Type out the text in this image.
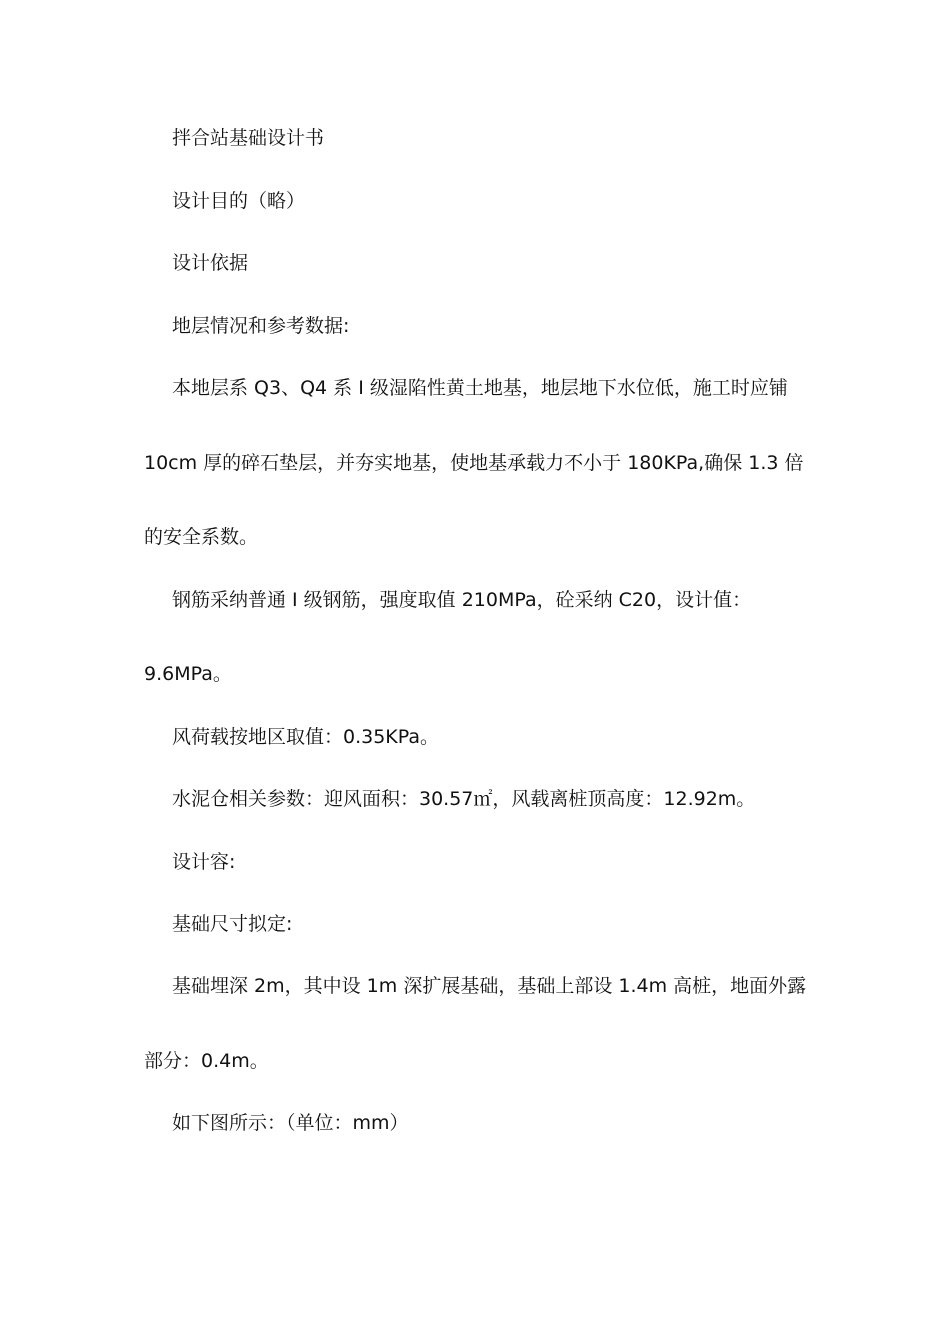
拌合站基础设计书
设计目的（略）
设计依据
地层情况和参考数据:
本地层系 Q3、Q4 系 I 级湿陷性黄土地基，地层地下水位低，施工时应铺
10cm 厚的碎石垫层，并夯实地基，使地基承载力不小于 180KPa,确保 1.3 倍
的安全系数。
钢筋采纳普通 I 级钢筋，强度取值 210MPa，砼采纳 C20，设计值：
9.6MPa。
风荷载按地区取值：0.35KPa。
水泥仓相关参数：迎风面积：30.57㎡，风载离桩顶高度：12.92m。
设计容:
基础尺寸拟定:
基础埋深 2m，其中设 1m 深扩展基础，基础上部设 1.4m 高桩，地面外露
部分：0.4m。
如下图所示：（单位：mm）
